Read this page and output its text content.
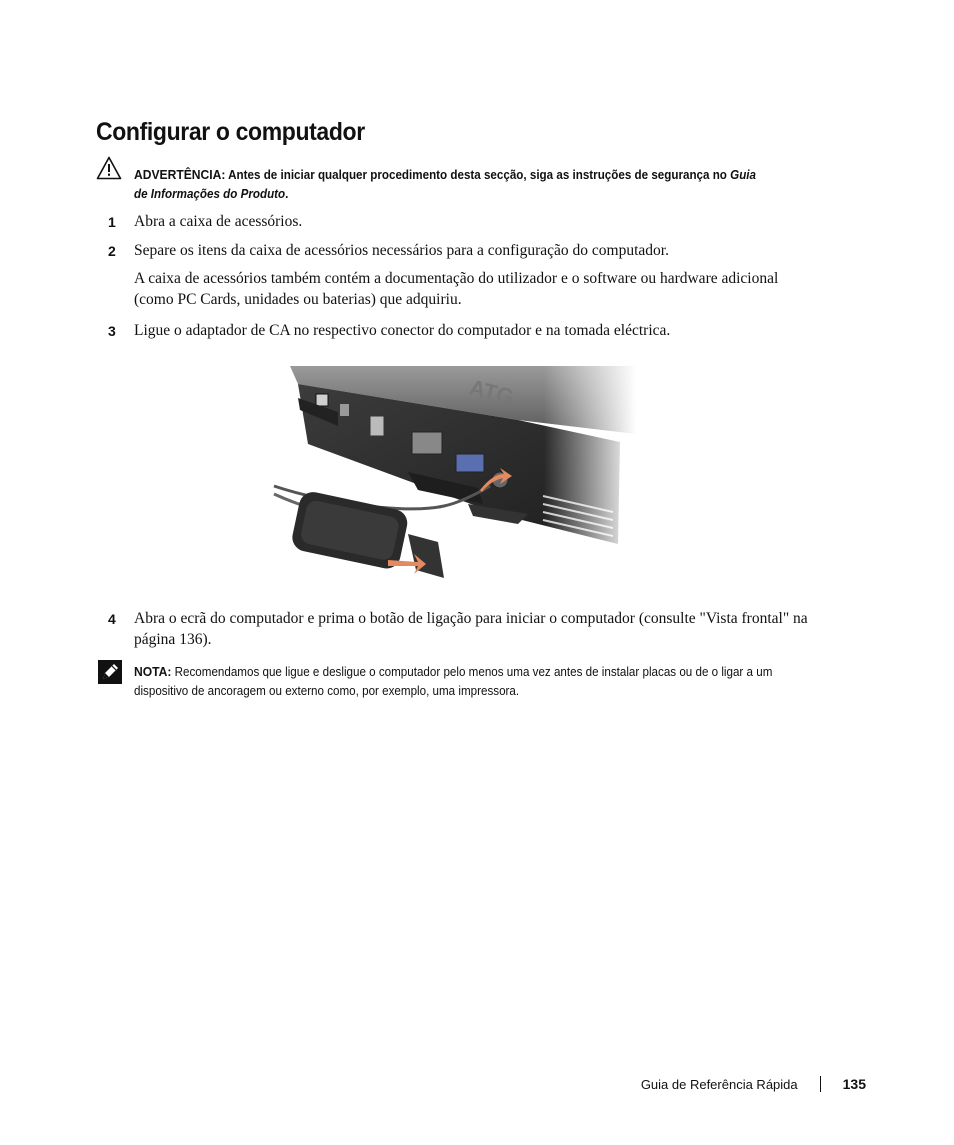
Configurar o computador
ADVERTÊNCIA: Antes de iniciar qualquer procedimento desta secção, siga as instruções de segurança no Guia
de Informações do Produto.
1 Abra a caixa de acessórios.
2 Separe os itens da caixa de acessórios necessários para a configuração do computador.
A caixa de acessórios também contém a documentação do utilizador e o software ou hardware adicional (como PC Cards, unidades ou baterias) que adquiriu.
3 Ligue o adaptador de CA no respectivo conector do computador e na tomada eléctrica.
4 Abra o ecrã do computador e prima o botão de ligação para iniciar o computador (consulte "Vista frontal" na página 136).
NOTA: Recomendamos que ligue e desligue o computador pelo menos uma vez antes de instalar placas ou de o ligar a um dispositivo de ancoragem ou externo como, por exemplo, uma impressora.
Guia de Referência Rápida	135
